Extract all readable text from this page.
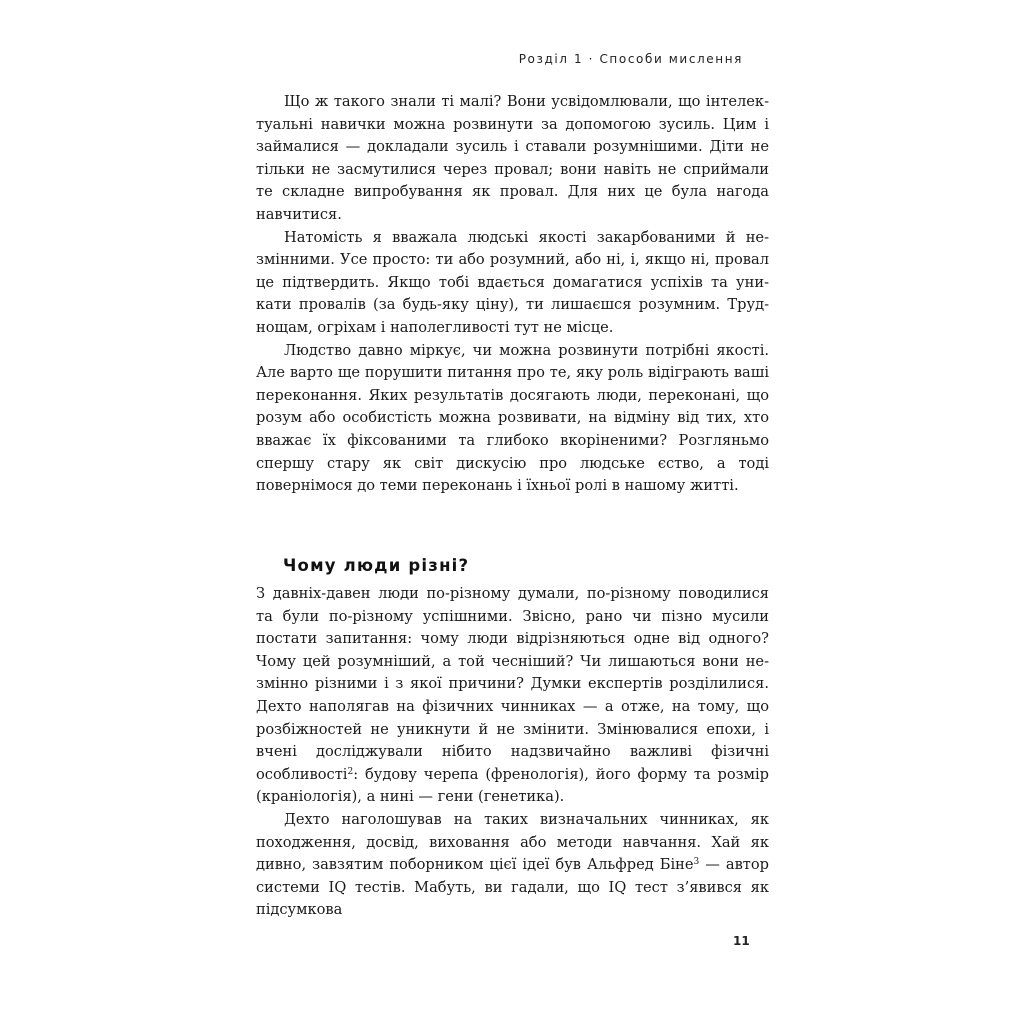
Розділ 1 · Способи мислення

Що ж такого знали ті малі? Вони усвідомлювали, що інтелектуальні навички можна розвинути за допомогою зусиль. Цим і займалися — докладали зусиль і ставали розумнішими. Діти не тільки не засмутилися через провал; вони навіть не сприймали те складне випробування як провал. Для них це була нагода навчитися.

Натомість я вважала людські якості закарбованими й незмінними. Усе просто: ти або розумний, або ні, і, якщо ні, провал це підтвердить. Якщо тобі вдається домагатися успіхів та уникати провалів (за будь-яку ціну), ти лишаєшся розумним. Труднощам, огріхам і наполегливості тут не місце.

Людство давно міркує, чи можна розвинути потрібні якості. Але варто ще порушити питання про те, яку роль відіграють ваші переконання. Яких результатів досягають люди, переконані, що розум або особистість можна розвивати, на відміну від тих, хто вважає їх фіксованими та глибоко вкоріненими? Розгляньмо спершу стару як світ дискусію про людське єство, а тоді повернімося до теми переконань і їхньої ролі в нашому житті.

Чому люди різні?

З давніх-давен люди по-різному думали, по-різному поводилися та були по-різному успішними. Звісно, рано чи пізно мусили постати запитання: чому люди відрізняються одне від одного? Чому цей розумніший, а той чесніший? Чи лишаються вони незмінно різними і з якої причини? Думки експертів розділилися. Дехто наполягав на фізичних чинниках — а отже, на тому, що розбіжностей не уникнути й не змінити. Змінювалися епохи, і вчені досліджували нібито надзвичайно важливі фізичні особливості$^2$: будову черепа (френологія), його форму та розмір (краніологія), а нині — гени (генетика).

Дехто наголошував на таких визначальних чинниках, як походження, досвід, виховання або методи навчання. Хай як дивно, завзятим поборником цієї ідеї був Альфред Біне$^3$ — автор системи IQ тестів. Мабуть, ви гадали, що IQ тест з’явився як підсумкова

11
